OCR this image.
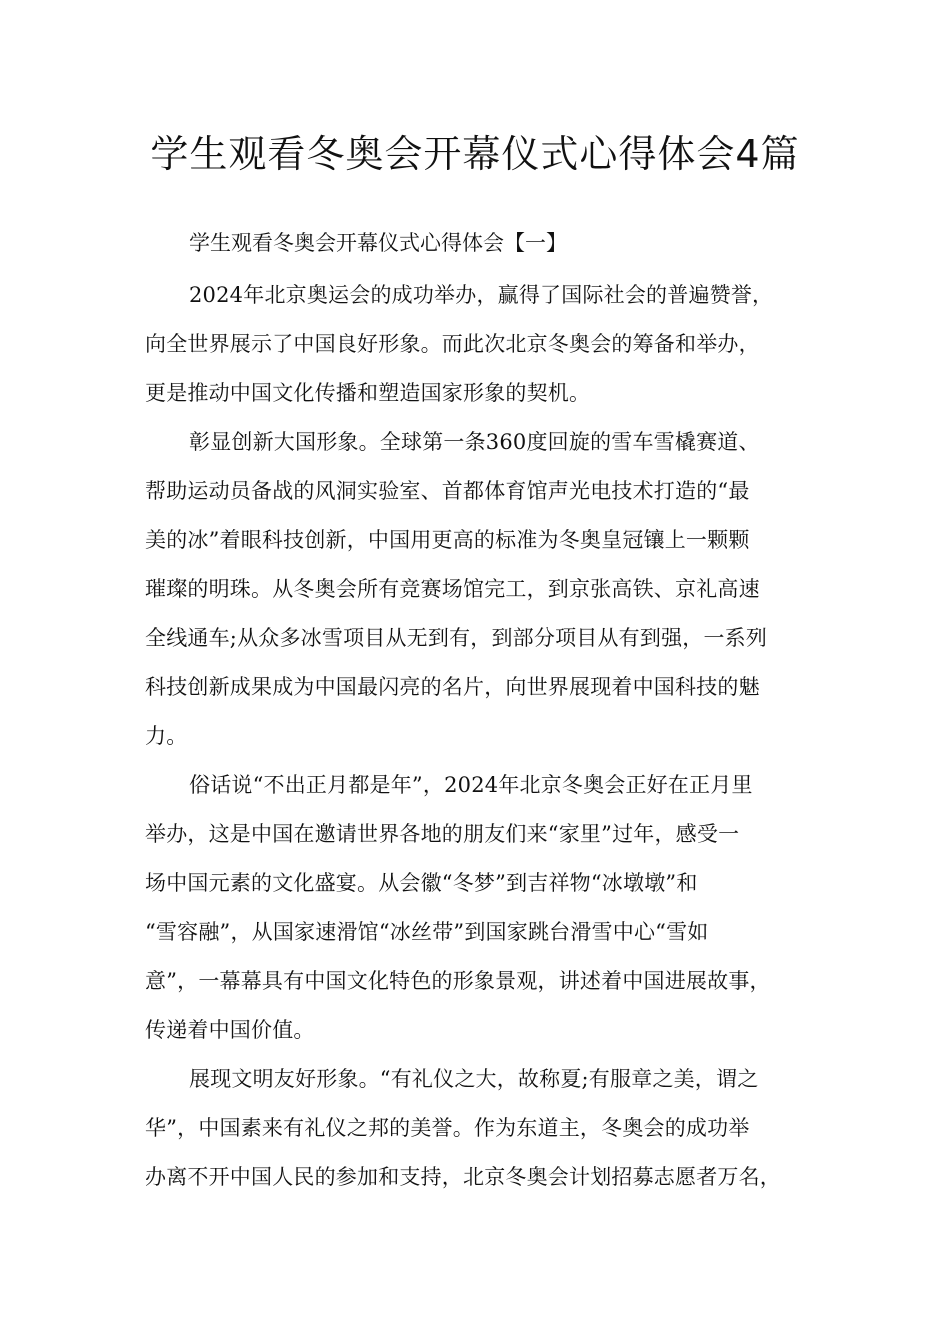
学生观看冬奥会开幕仪式心得体会4篇

学生观看冬奥会开幕仪式心得体会【一】

2024年北京奥运会的成功举办，赢得了国际社会的普遍赞誉，
向全世界展示了中国良好形象。而此次北京冬奥会的筹备和举办，
更是推动中国文化传播和塑造国家形象的契机。
彰显创新大国形象。全球第一条360度回旋的雪车雪橇赛道、
帮助运动员备战的风洞实验室、首都体育馆声光电技术打造的“最
美的冰”着眼科技创新，中国用更高的标准为冬奥皇冠镶上一颗颗
璀璨的明珠。从冬奥会所有竞赛场馆完工，到京张高铁、京礼高速
全线通车;从众多冰雪项目从无到有，到部分项目从有到强，一系列
科技创新成果成为中国最闪亮的名片，向世界展现着中国科技的魅
力。
俗话说“不出正月都是年”，2024年北京冬奥会正好在正月里
举办，这是中国在邀请世界各地的朋友们来“家里”过年，感受一
场中国元素的文化盛宴。从会徽“冬梦”到吉祥物“冰墩墩”和
“雪容融”，从国家速滑馆“冰丝带”到国家跳台滑雪中心“雪如
意”，一幕幕具有中国文化特色的形象景观，讲述着中国进展故事，
传递着中国价值。
展现文明友好形象。“有礼仪之大，故称夏;有服章之美，谓之
华”，中国素来有礼仪之邦的美誉。作为东道主，冬奥会的成功举
办离不开中国人民的参加和支持，北京冬奥会计划招募志愿者万名，
